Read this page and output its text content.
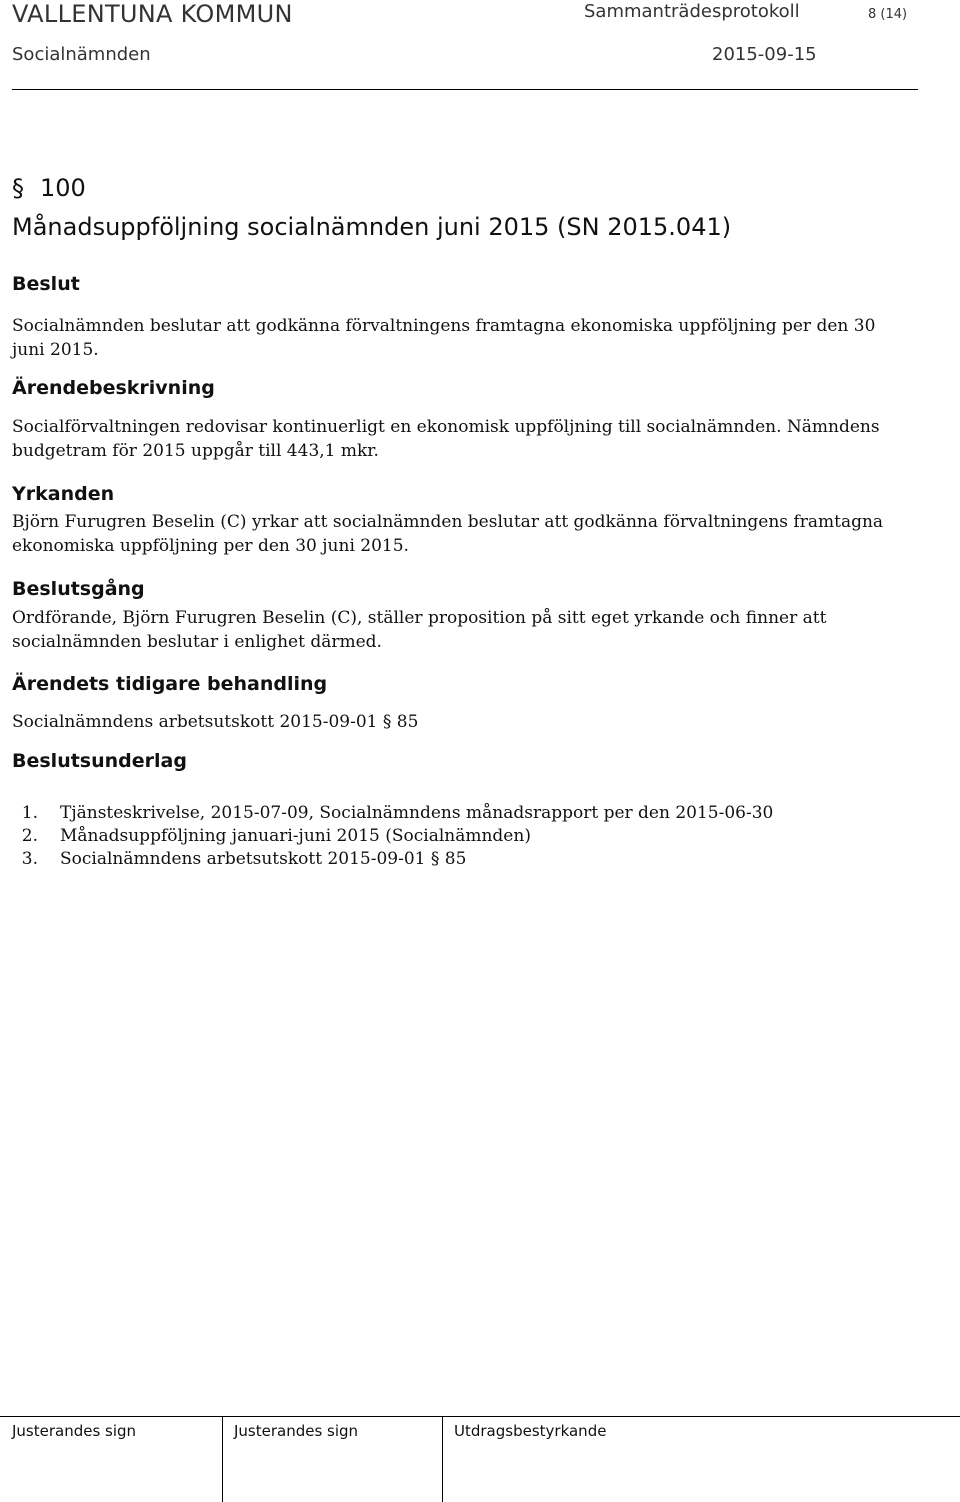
VALLENTUNA KOMMUN	Sammanträdesprotokoll	8 (14)
Socialnämnden	2015-09-15
§ 100
Månadsuppföljning socialnämnden juni 2015 (SN 2015.041)
Beslut
Socialnämnden beslutar att godkänna förvaltningens framtagna ekonomiska uppföljning per den 30
juni 2015.
Ärendebeskrivning
Socialförvaltningen redovisar kontinuerligt en ekonomisk uppföljning till socialnämnden. Nämndens
budgetram för 2015 uppgår till 443,1 mkr.
Yrkanden
Björn Furugren Beselin (C) yrkar att socialnämnden beslutar att godkänna förvaltningens framtagna
ekonomiska uppföljning per den 30 juni 2015.
Beslutsgång
Ordförande, Björn Furugren Beselin (C), ställer proposition på sitt eget yrkande och finner att
socialnämnden beslutar i enlighet därmed.
Ärendets tidigare behandling
Socialnämndens arbetsutskott 2015-09-01 § 85
Beslutsunderlag
1. Tjänsteskrivelse, 2015-07-09, Socialnämndens månadsrapport per den 2015-06-30
2. Månadsuppföljning januari-juni 2015 (Socialnämnden)
3. Socialnämndens arbetsutskott 2015-09-01 § 85
Justerandes sign	Justerandes sign	Utdragsbestyrkande
